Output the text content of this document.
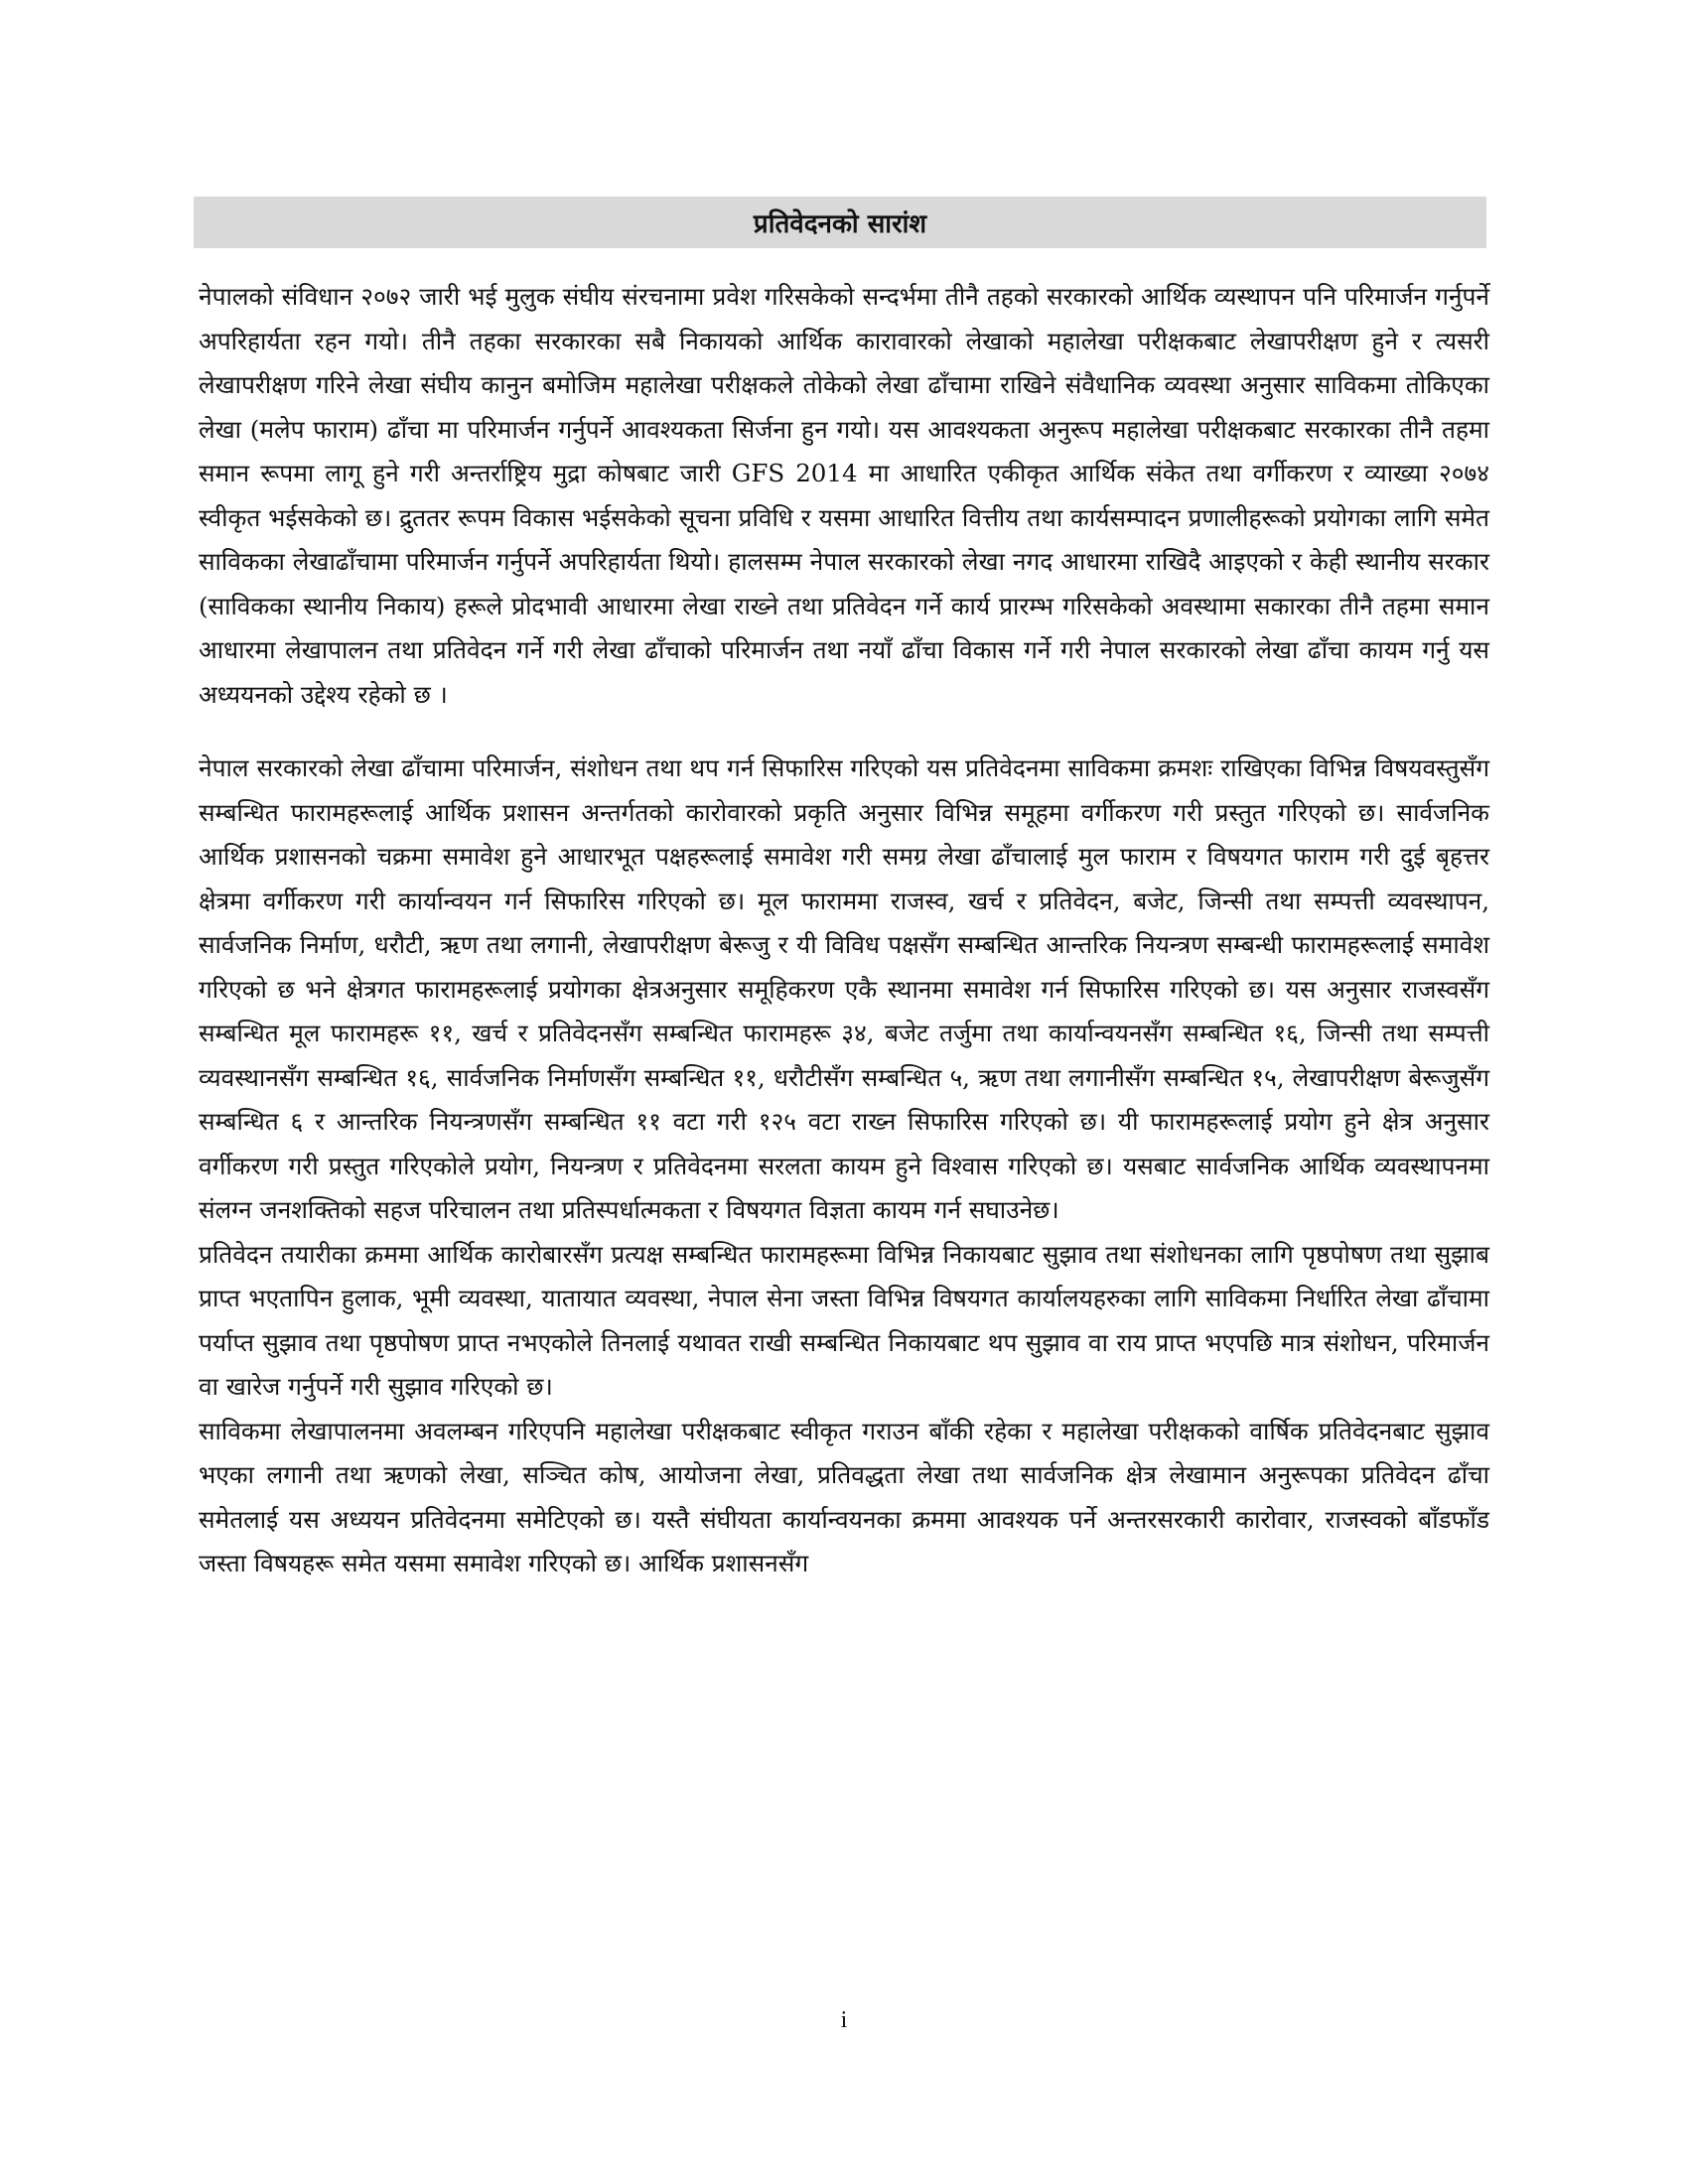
प्रतिवेदनको सारांश

नेपालको संविधान २०७२ जारी भई मुलुक संघीय संरचनामा प्रवेश गरिसकेको सन्दर्भमा तीनै तहको सरकारको आर्थिक व्यस्थापन पनि परिमार्जन गर्नुपर्ने अपरिहार्यता रहन गयो। तीनै तहका सरकारका सबै निकायको आर्थिक कारावारको लेखाको महालेखा परीक्षकबाट लेखापरीक्षण हुने र त्यसरी लेखापरीक्षण गरिने लेखा संघीय कानुन बमोजिम महालेखा परीक्षकले तोकेको लेखा ढाँचामा राखिने संवैधानिक व्यवस्था अनुसार साविकमा तोकिएका लेखा (मलेप फाराम) ढाँचा मा परिमार्जन गर्नुपर्ने आवश्यकता सिर्जना हुन गयो। यस आवश्यकता अनुरूप महालेखा परीक्षकबाट सरकारका तीनै तहमा समान रूपमा लागू हुने गरी अन्तर्राष्ट्रिय मुद्रा कोषबाट जारी GFS 2014 मा आधारित एकीकृत आर्थिक संकेत तथा वर्गीकरण र व्याख्या २०७४ स्वीकृत भईसकेको छ। द्रुततर रूपम विकास भईसकेको सूचना प्रविधि र यसमा आधारित वित्तीय तथा कार्यसम्पादन प्रणालीहरूको प्रयोगका लागि समेत साविकका लेखाढाँचामा परिमार्जन गर्नुपर्ने अपरिहार्यता थियो। हालसम्म नेपाल सरकारको लेखा नगद आधारमा राखिदै आइएको र केही स्थानीय सरकार (साविकका स्थानीय निकाय) हरूले प्रोदभावी आधारमा लेखा राख्ने तथा प्रतिवेदन गर्ने कार्य प्रारम्भ गरिसकेको अवस्थामा सकारका तीनै तहमा समान आधारमा लेखापालन तथा प्रतिवेदन गर्ने गरी लेखा ढाँचाको परिमार्जन तथा नयाँ ढाँचा विकास गर्ने गरी नेपाल सरकारको लेखा ढाँचा कायम गर्नु यस अध्ययनको उद्देश्य रहेको छ ।

नेपाल सरकारको लेखा ढाँचामा परिमार्जन, संशोधन तथा थप गर्न सिफारिस गरिएको यस प्रतिवेदनमा साविकमा क्रमशः राखिएका विभिन्न विषयवस्तुसँग सम्बन्धित फारामहरूलाई आर्थिक प्रशासन अन्तर्गतको कारोवारको प्रकृति अनुसार विभिन्न समूहमा वर्गीकरण गरी प्रस्तुत गरिएको छ। सार्वजनिक आर्थिक प्रशासनको चक्रमा समावेश हुने आधारभूत पक्षहरूलाई समावेश गरी समग्र लेखा ढाँचालाई मुल फाराम र विषयगत फाराम गरी दुई बृहत्तर क्षेत्रमा वर्गीकरण गरी कार्यान्वयन गर्न सिफारिस गरिएको छ। मूल फाराममा राजस्व, खर्च र प्रतिवेदन, बजेट, जिन्सी तथा सम्पत्ती व्यवस्थापन, सार्वजनिक निर्माण, धरौटी, ऋण तथा लगानी, लेखापरीक्षण बेरूजु र यी विविध पक्षसँग सम्बन्धित आन्तरिक नियन्त्रण सम्बन्धी फारामहरूलाई समावेश गरिएको छ भने क्षेत्रगत फारामहरूलाई प्रयोगका क्षेत्रअनुसार समूहिकरण एकै स्थानमा समावेश गर्न सिफारिस गरिएको छ। यस अनुसार राजस्वसँग सम्बन्धित मूल फारामहरू ११, खर्च र प्रतिवेदनसँग सम्बन्धित फारामहरू ३४, बजेट तर्जुमा तथा कार्यान्वयनसँग सम्बन्धित १६, जिन्सी तथा सम्पत्ती व्यवस्थानसँग सम्बन्धित १६, सार्वजनिक निर्माणसँग सम्बन्धित ११, धरौटीसँग सम्बन्धित ५, ऋण तथा लगानीसँग सम्बन्धित १५, लेखापरीक्षण बेरूजुसँग सम्बन्धित ६ र आन्तरिक नियन्त्रणसँग सम्बन्धित ११ वटा गरी १२५ वटा राख्न सिफारिस गरिएको छ। यी फारामहरूलाई प्रयोग हुने क्षेत्र अनुसार वर्गीकरण गरी प्रस्तुत गरिएकोले प्रयोग, नियन्त्रण र प्रतिवेदनमा सरलता कायम हुने विश्वास गरिएको छ। यसबाट सार्वजनिक आर्थिक व्यवस्थापनमा संलग्न जनशक्तिको सहज परिचालन तथा प्रतिस्पर्धात्मकता र विषयगत विज्ञता कायम गर्न सघाउनेछ।

प्रतिवेदन तयारीका क्रममा आर्थिक कारोबारसँग प्रत्यक्ष सम्बन्धित फारामहरूमा विभिन्न निकायबाट सुझाव तथा संशोधनका लागि पृष्ठपोषण तथा सुझाब प्राप्त भएतापिन हुलाक, भूमी व्यवस्था, यातायात व्यवस्था, नेपाल सेना जस्ता विभिन्न विषयगत कार्यालयहरुका लागि साविकमा निर्धारित लेखा ढाँचामा पर्याप्त सुझाव तथा पृष्ठपोषण प्राप्त नभएकोले तिनलाई यथावत राखी सम्बन्धित निकायबाट थप सुझाव वा राय प्राप्त भएपछि मात्र संशोधन, परिमार्जन वा खारेज गर्नुपर्ने गरी सुझाव गरिएको छ।

साविकमा लेखापालनमा अवलम्बन गरिएपनि महालेखा परीक्षकबाट स्वीकृत गराउन बाँकी रहेका र महालेखा परीक्षकको वार्षिक प्रतिवेदनबाट सुझाव भएका लगानी तथा ऋणको लेखा, सञ्चित कोष, आयोजना लेखा, प्रतिवद्धता लेखा तथा सार्वजनिक क्षेत्र लेखामान अनुरूपका प्रतिवेदन ढाँचा समेतलाई यस अध्ययन प्रतिवेदनमा समेटिएको छ। यस्तै संघीयता कार्यान्वयनका क्रममा आवश्यक पर्ने अन्तरसरकारी कारोवार, राजस्वको बाँडफाँड जस्ता विषयहरू समेत यसमा समावेश गरिएको छ। आर्थिक प्रशासनसँग

i
